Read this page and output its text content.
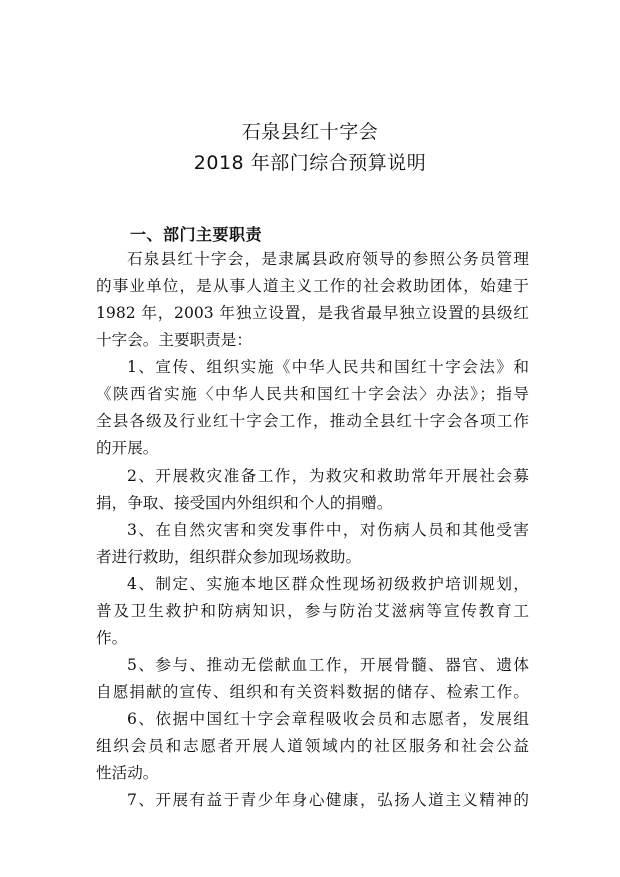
石泉县红十字会
2018 年部门综合预算说明
一、部门主要职责
石泉县红十字会，是隶属县政府领导的参照公务员管理
的事业单位，是从事人道主义工作的社会救助团体，始建于
1982 年，2003 年独立设置，是我省最早独立设置的县级红
十字会。主要职责是：
1、宣传、组织实施《中华人民共和国红十字会法》和
《陕西省实施〈中华人民共和国红十字会法〉办法》；指导
全县各级及行业红十字会工作，推动全县红十字会各项工作
的开展。
2、开展救灾准备工作，为救灾和救助常年开展社会募
捐，争取、接受国内外组织和个人的捐赠。
3、在自然灾害和突发事件中，对伤病人员和其他受害
者进行救助，组织群众参加现场救助。
4、制定、实施本地区群众性现场初级救护培训规划，
普及卫生救护和防病知识，参与防治艾滋病等宣传教育工
作。
5、参与、推动无偿献血工作，开展骨髓、器官、遗体
自愿捐献的宣传、组织和有关资料数据的储存、检索工作。
6、依据中国红十字会章程吸收会员和志愿者，发展组
组织会员和志愿者开展人道领域内的社区服务和社会公益
性活动。
7、开展有益于青少年身心健康，弘扬人道主义精神的
